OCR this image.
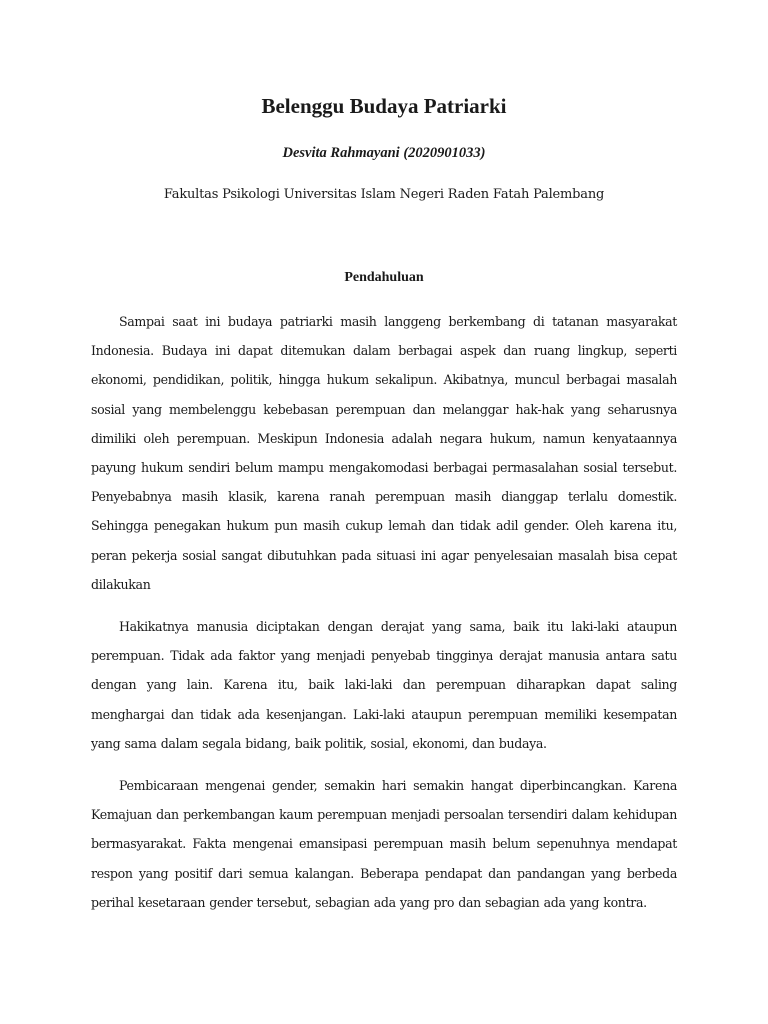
Belenggu Budaya Patriarki

Desvita Rahmayani (2020901033)

Fakultas Psikologi Universitas Islam Negeri Raden Fatah Palembang

Pendahuluan

Sampai saat ini budaya patriarki masih langgeng berkembang di tatanan masyarakat Indonesia. Budaya ini dapat ditemukan dalam berbagai aspek dan ruang lingkup, seperti ekonomi, pendidikan, politik, hingga hukum sekalipun. Akibatnya, muncul berbagai masalah sosial yang membelenggu kebebasan perempuan dan melanggar hak-hak yang seharusnya dimiliki oleh perempuan. Meskipun Indonesia adalah negara hukum, namun kenyataannya payung hukum sendiri belum mampu mengakomodasi berbagai permasalahan sosial tersebut. Penyebabnya masih klasik, karena ranah perempuan masih dianggap terlalu domestik. Sehingga penegakan hukum pun masih cukup lemah dan tidak adil gender. Oleh karena itu, peran pekerja sosial sangat dibutuhkan pada situasi ini agar penyelesaian masalah bisa cepat dilakukan

Hakikatnya manusia diciptakan dengan derajat yang sama, baik itu laki-laki ataupun perempuan. Tidak ada faktor yang menjadi penyebab tingginya derajat manusia antara satu dengan yang lain. Karena itu, baik laki-laki dan perempuan diharapkan dapat saling menghargai dan tidak ada kesenjangan. Laki-laki ataupun perempuan memiliki kesempatan yang sama dalam segala bidang, baik politik, sosial, ekonomi, dan budaya.

Pembicaraan mengenai gender, semakin hari semakin hangat diperbincangkan. Karena Kemajuan dan perkembangan kaum perempuan menjadi persoalan tersendiri dalam kehidupan bermasyarakat. Fakta mengenai emansipasi perempuan masih belum sepenuhnya mendapat respon yang positif dari semua kalangan. Beberapa pendapat dan pandangan yang berbeda perihal kesetaraan gender tersebut, sebagian ada yang pro dan sebagian ada yang kontra.
